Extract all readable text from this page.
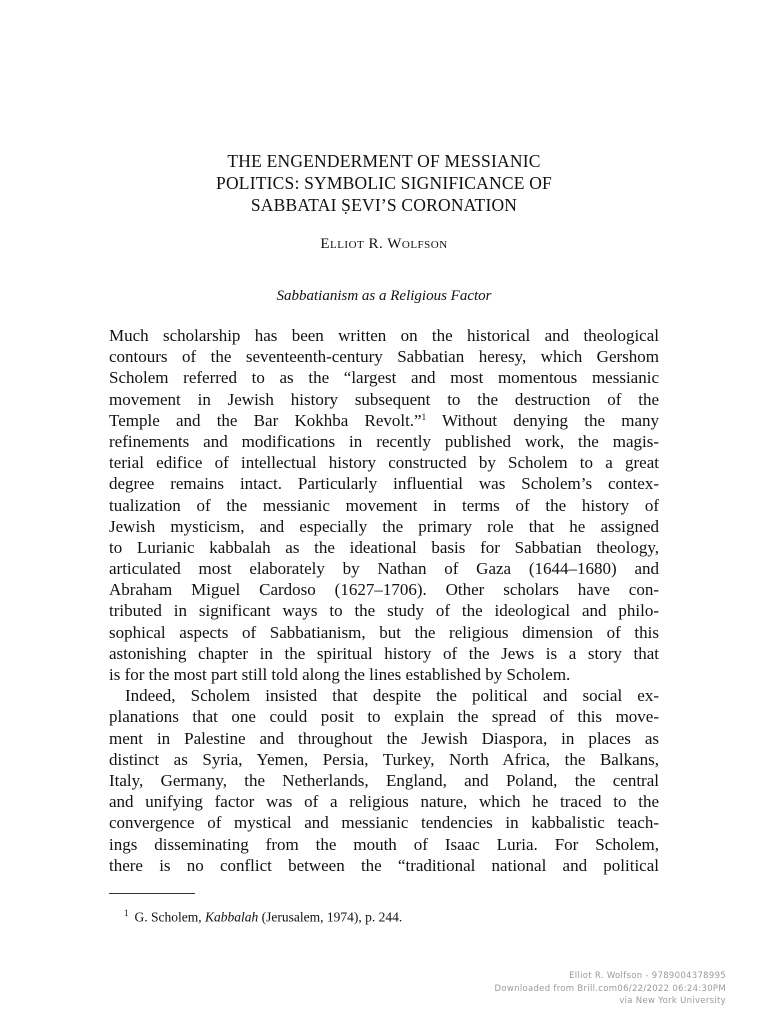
THE ENGENDERMENT OF MESSIANIC
POLITICS: SYMBOLIC SIGNIFICANCE OF
SABBATAI ṢEVI’S CORONATION
Elliot R. Wolfson
Sabbatianism as a Religious Factor
Much scholarship has been written on the historical and theological
contours of the seventeenth-century Sabbatian heresy, which Gershom
Scholem referred to as the “largest and most momentous messianic
movement in Jewish history subsequent to the destruction of the
Temple and the Bar Kokhba Revolt.”$^1$ Without denying the many
refinements and modifications in recently published work, the magis-
terial edifice of intellectual history constructed by Scholem to a great
degree remains intact. Particularly influential was Scholem’s contex-
tualization of the messianic movement in terms of the history of
Jewish mysticism, and especially the primary role that he assigned
to Lurianic kabbalah as the ideational basis for Sabbatian theology,
articulated most elaborately by Nathan of Gaza (1644–1680) and
Abraham Miguel Cardoso (1627–1706). Other scholars have con-
tributed in significant ways to the study of the ideological and philo-
sophical aspects of Sabbatianism, but the religious dimension of this
astonishing chapter in the spiritual history of the Jews is a story that
is for the most part still told along the lines established by Scholem.
Indeed, Scholem insisted that despite the political and social ex-
planations that one could posit to explain the spread of this move-
ment in Palestine and throughout the Jewish Diaspora, in places as
distinct as Syria, Yemen, Persia, Turkey, North Africa, the Balkans,
Italy, Germany, the Netherlands, England, and Poland, the central
and unifying factor was of a religious nature, which he traced to the
convergence of mystical and messianic tendencies in kabbalistic teach-
ings disseminating from the mouth of Isaac Luria. For Scholem,
there is no conflict between the “traditional national and political
$^1$ G. Scholem, Kabbalah (Jerusalem, 1974), p. 244.
Elliot R. Wolfson - 9789004378995
Downloaded from Brill.com06/22/2022 06:24:30PM
via New York University
